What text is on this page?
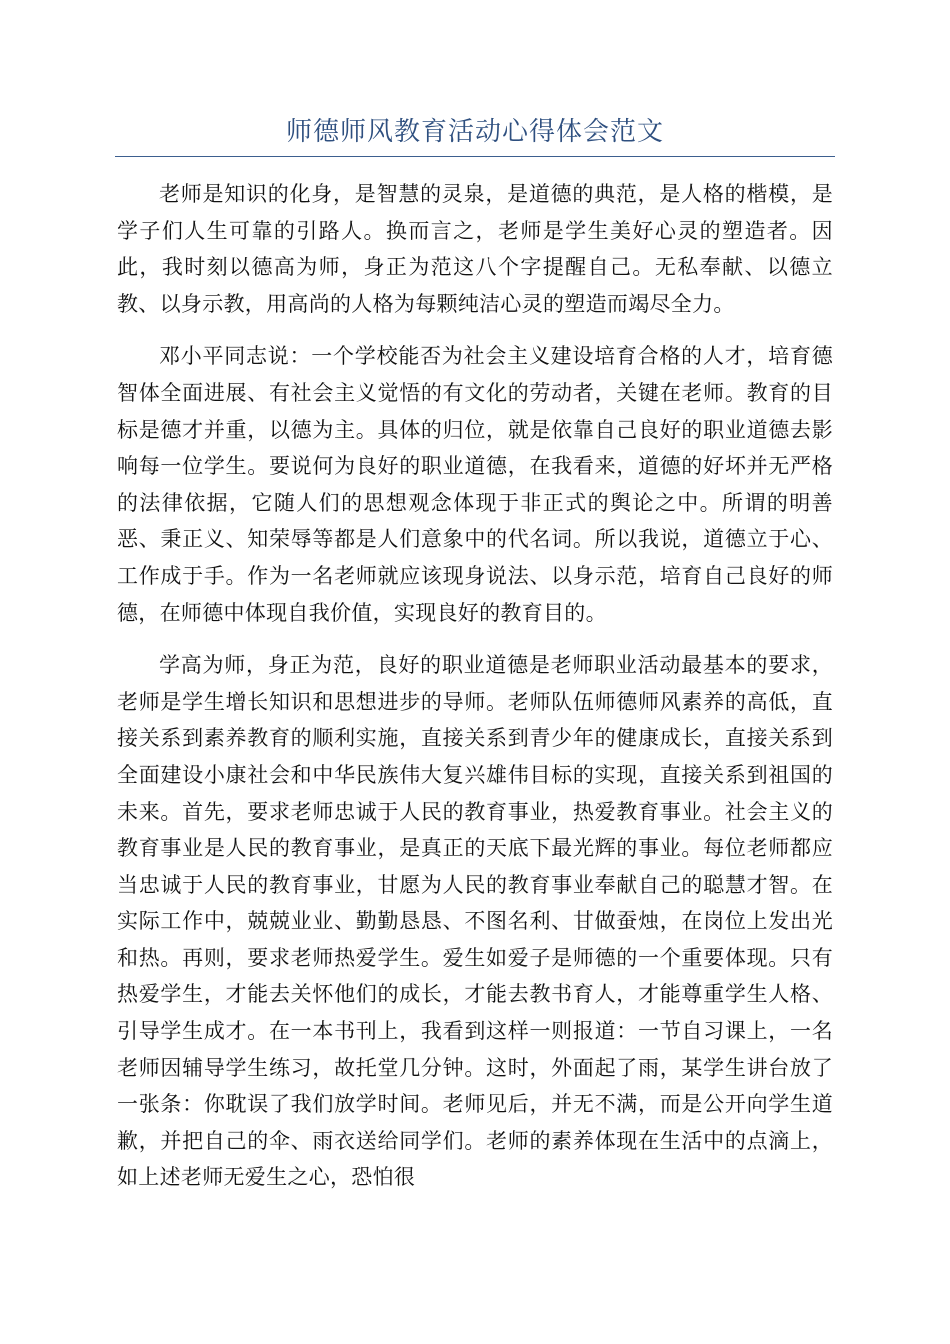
师德师风教育活动心得体会范文

老师是知识的化身，是智慧的灵泉，是道德的典范，是人格的楷模，是学子们人生可靠的引路人。换而言之，老师是学生美好心灵的塑造者。因此，我时刻以德高为师，身正为范这八个字提醒自己。无私奉献、以德立教、以身示教，用高尚的人格为每颗纯洁心灵的塑造而竭尽全力。

邓小平同志说：一个学校能否为社会主义建设培育合格的人才，培育德智体全面进展、有社会主义觉悟的有文化的劳动者，关键在老师。教育的目标是德才并重，以德为主。具体的归位，就是依靠自己良好的职业道德去影响每一位学生。要说何为良好的职业道德，在我看来，道德的好坏并无严格的法律依据，它随人们的思想观念体现于非正式的舆论之中。所谓的明善恶、秉正义、知荣辱等都是人们意象中的代名词。所以我说，道德立于心、工作成于手。作为一名老师就应该现身说法、以身示范，培育自己良好的师德，在师德中体现自我价值，实现良好的教育目的。

学高为师，身正为范，良好的职业道德是老师职业活动最基本的要求，老师是学生增长知识和思想进步的导师。老师队伍师德师风素养的高低，直接关系到素养教育的顺利实施，直接关系到青少年的健康成长，直接关系到全面建设小康社会和中华民族伟大复兴雄伟目标的实现，直接关系到祖国的未来。首先，要求老师忠诚于人民的教育事业，热爱教育事业。社会主义的教育事业是人民的教育事业，是真正的天底下最光辉的事业。每位老师都应当忠诚于人民的教育事业，甘愿为人民的教育事业奉献自己的聪慧才智。在实际工作中，兢兢业业、勤勤恳恳、不图名利、甘做蚕烛，在岗位上发出光和热。再则，要求老师热爱学生。爱生如爱子是师德的一个重要体现。只有热爱学生，才能去关怀他们的成长，才能去教书育人，才能尊重学生人格、引导学生成才。在一本书刊上，我看到这样一则报道：一节自习课上，一名老师因辅导学生练习，故托堂几分钟。这时，外面起了雨，某学生讲台放了一张条：你耽误了我们放学时间。老师见后，并无不满，而是公开向学生道歉，并把自己的伞、雨衣送给同学们。老师的素养体现在生活中的点滴上，如上述老师无爱生之心，恐怕很
